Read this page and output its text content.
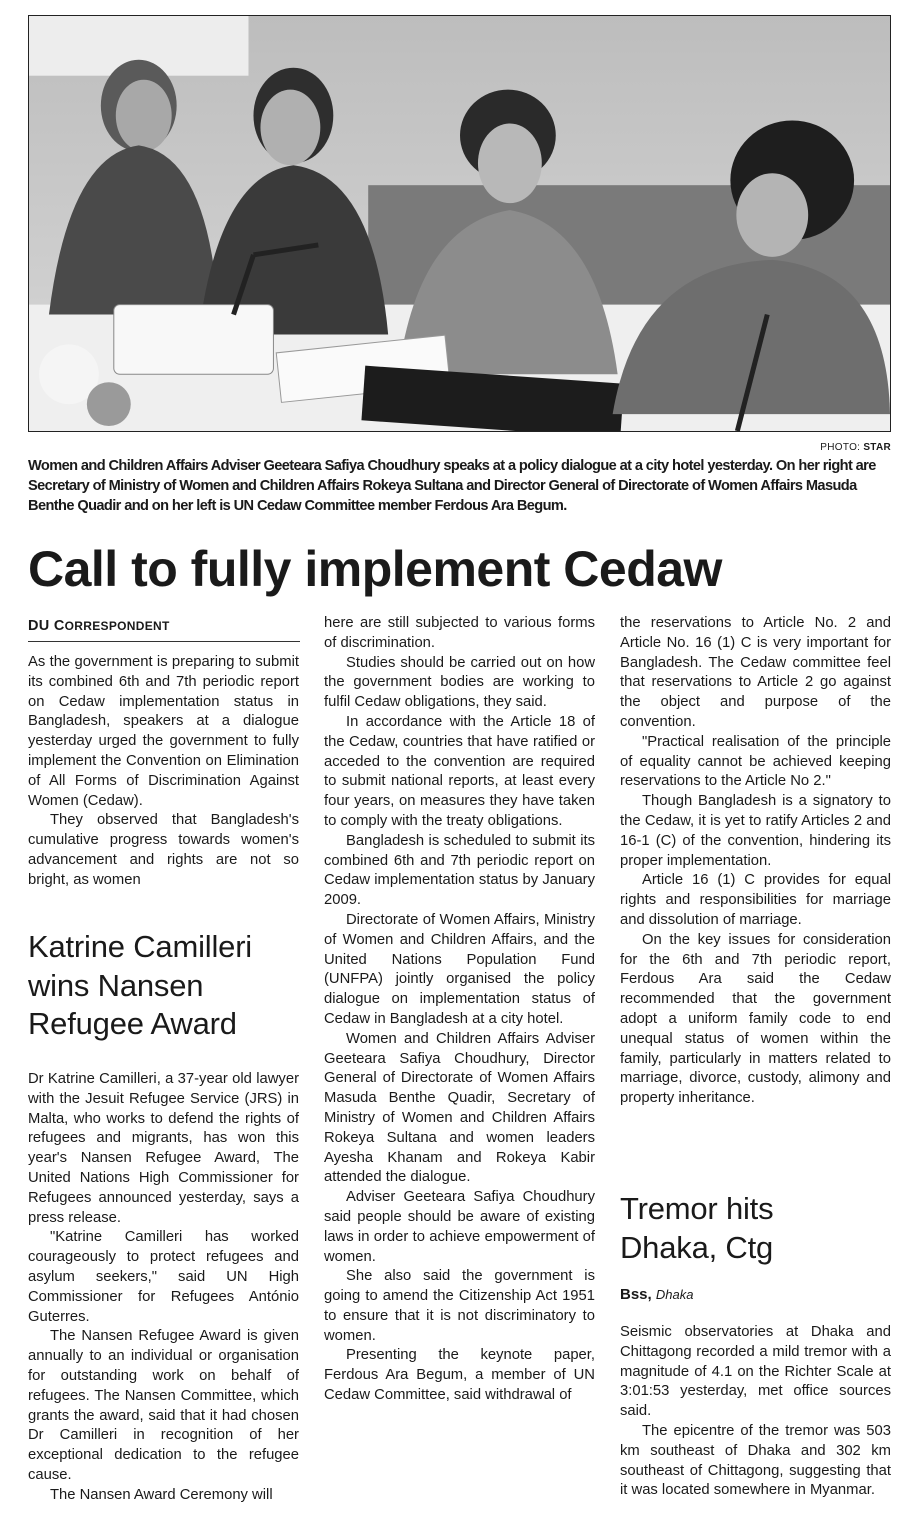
PHOTO: STAR

Women and Children Affairs Adviser Geeteara Safiya Choudhury speaks at a policy dialogue at a city hotel yesterday. On her right are Secretary of Ministry of Women and Children Affairs Rokeya Sultana and Director General of Directorate of Women Affairs Masuda Benthe Quadir and on her left is UN Cedaw Committee member Ferdous Ara Begum.

Call to fully implement Cedaw
DU CORRESPONDENT

As the government is preparing to submit its combined 6th and 7th periodic report on Cedaw implementation status in Bangladesh, speakers at a dialogue yesterday urged the government to fully implement the Convention on Elimination of All Forms of Discrimination Against Women (Cedaw).

They observed that Bangladesh's cumulative progress towards women's advancement and rights are not so bright, as women

Katrine Camilleri
wins Nansen
Refugee Award

Dr Katrine Camilleri, a 37-year old lawyer with the Jesuit Refugee Service (JRS) in Malta, who works to defend the rights of refugees and migrants, has won this year's Nansen Refugee Award, The United Nations High Commissioner for Refugees announced yesterday, says a press release.

"Katrine Camilleri has worked courageously to protect refugees and asylum seekers," said UN High Commissioner for Refugees António Guterres.

The Nansen Refugee Award is given annually to an individual or organisation for outstanding work on behalf of refugees. The Nansen Committee, which grants the award, said that it had chosen Dr Camilleri in recognition of her exceptional dedication to the refugee cause.

The Nansen Award Ceremony will

here are still subjected to various forms of discrimination.

Studies should be carried out on how the government bodies are working to fulfil Cedaw obligations, they said.

In accordance with the Article 18 of the Cedaw, countries that have ratified or acceded to the convention are required to submit national reports, at least every four years, on measures they have taken to comply with the treaty obligations.

Bangladesh is scheduled to submit its combined 6th and 7th periodic report on Cedaw implementation status by January 2009.

Directorate of Women Affairs, Ministry of Women and Children Affairs, and the United Nations Population Fund (UNFPA) jointly organised the policy dialogue on implementation status of Cedaw in Bangladesh at a city hotel.

Women and Children Affairs Adviser Geeteara Safiya Choudhury, Director General of Directorate of Women Affairs Masuda Benthe Quadir, Secretary of Ministry of Women and Children Affairs Rokeya Sultana and women leaders Ayesha Khanam and Rokeya Kabir attended the dialogue.

Adviser Geeteara Safiya Choudhury said people should be aware of existing laws in order to achieve empowerment of women.

She also said the government is going to amend the Citizenship Act 1951 to ensure that it is not discriminatory to women.

Presenting the keynote paper, Ferdous Ara Begum, a member of UN Cedaw Committee, said withdrawal of

the reservations to Article No. 2 and Article No. 16 (1) C is very important for Bangladesh. The Cedaw committee feel that reservations to Article 2 go against the object and purpose of the convention.

"Practical realisation of the principle of equality cannot be achieved keeping reservations to the Article No 2."

Though Bangladesh is a signatory to the Cedaw, it is yet to ratify Articles 2 and 16-1 (C) of the convention, hindering its proper implementation.

Article 16 (1) C provides for equal rights and responsibilities for marriage and dissolution of marriage.

On the key issues for consideration for the 6th and 7th periodic report, Ferdous Ara said the Cedaw recommended that the government adopt a uniform family code to end unequal status of women within the family, particularly in matters related to marriage, divorce, custody, alimony and property inheritance.

Tremor hits
Dhaka, Ctg
Bss, Dhaka

Seismic observatories at Dhaka and Chittagong recorded a mild tremor with a magnitude of 4.1 on the Richter Scale at 3:01:53 yesterday, met office sources said.

The epicentre of the tremor was 503 km southeast of Dhaka and 302 km southeast of Chittagong, suggesting that it was located somewhere in Myanmar.
